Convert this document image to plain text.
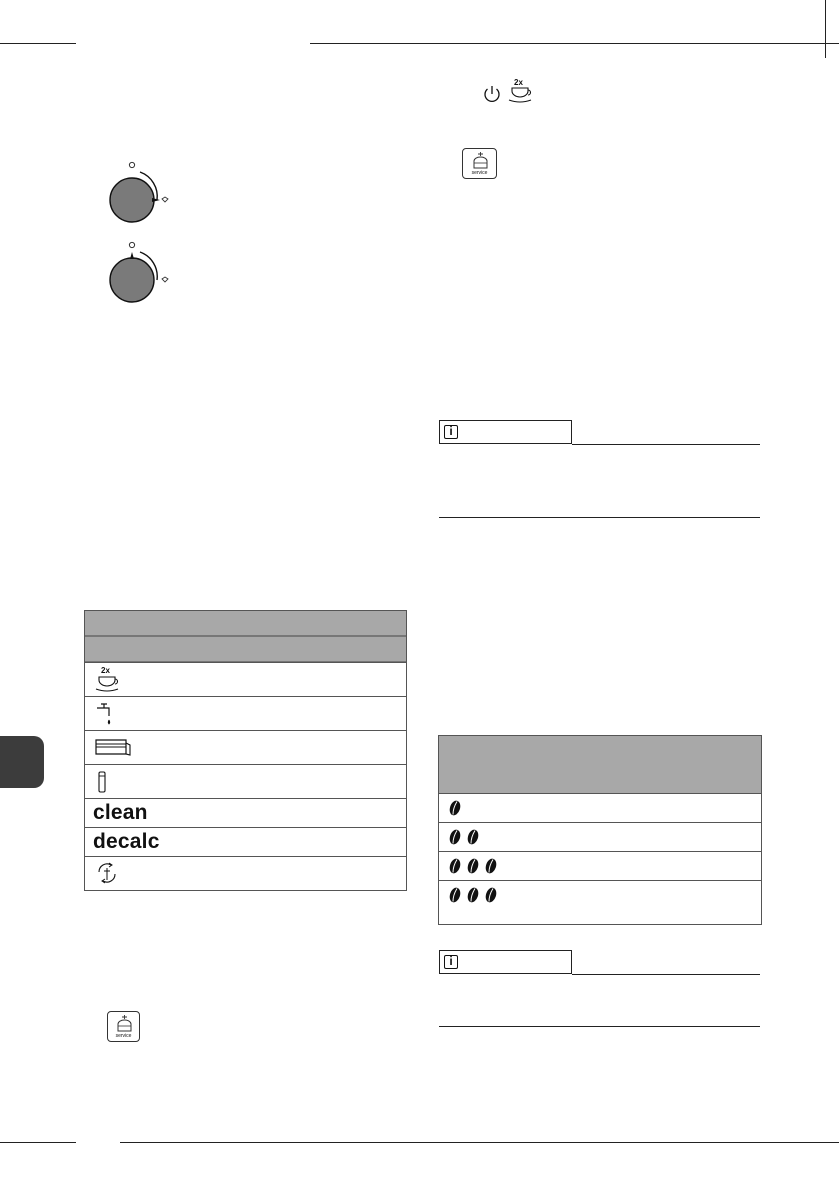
2x
service
i
2x
clean
decalc
service
i
